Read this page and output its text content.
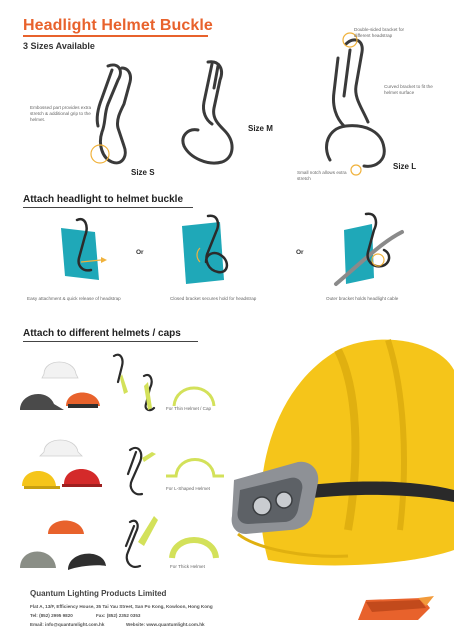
Headlight Helmet Buckle
3 Sizes Available
Embossed part provides extra stretch & additional grip to the helmet.
Size S
Size M
Double-sided bracket for different headstrap
Curved bracket to fit the helmet surface
Small notch allows extra stretch
Size L
Attach headlight to helmet buckle
Or	Or
Easy attachment & quick release of headstrap	Closed bracket secures hold for headstrap	Outer bracket holds headlight cable
Attach to different helmets / caps
For Thin Helmet / Cap
For L-Shaped Helmet
For Thick Helmet
Quantum Lighting Products Limited
Flat A, 13/F, Efficiency House, 35 Tai Yau Street, San Po Kong, Kowloon, Hong Kong
Tel: (852) 2995 9820	Fax: (852) 2352 0353
Email: info@quantumlight.com.hk	Website: www.quantumlight.com.hk
